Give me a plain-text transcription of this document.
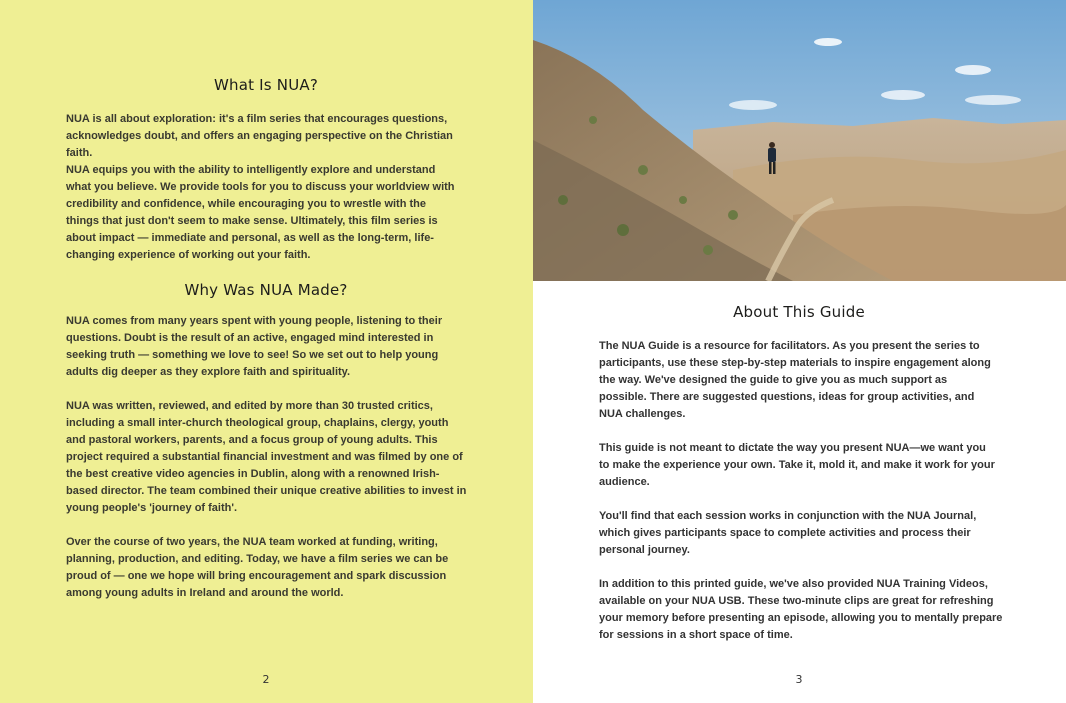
What Is NUA?

NUA is all about exploration: it's a film series that encourages questions, acknowledges doubt, and offers an engaging perspective on the Christian faith.

NUA equips you with the ability to intelligently explore and understand what you believe. We provide tools for you to discuss your worldview with credibility and confidence, while encouraging you to wrestle with the things that just don't seem to make sense. Ultimately, this film series is about impact — immediate and personal, as well as the long-term, life-changing experience of working out your faith.

Why Was NUA Made?

NUA comes from many years spent with young people, listening to their questions. Doubt is the result of an active, engaged mind interested in seeking truth — something we love to see! So we set out to help young adults dig deeper as they explore faith and spirituality.

NUA was written, reviewed, and edited by more than 30 trusted critics, including a small inter-church theological group, chaplains, clergy, youth and pastoral workers, parents, and a focus group of young adults. This project required a substantial financial investment and was filmed by one of the best creative video agencies in Dublin, along with a renowned Irish-based director. The team combined their unique creative abilities to invest in young people's 'journey of faith'.

Over the course of two years, the NUA team worked at funding, writing, planning, production, and editing. Today, we have a film series we can be proud of — one we hope will bring encouragement and spark discussion among young adults in Ireland and around the world.

2
About This Guide

The NUA Guide is a resource for facilitators. As you present the series to participants, use these step-by-step materials to inspire engagement along the way. We've designed the guide to give you as much support as possible. There are suggested questions, ideas for group activities, and NUA challenges.

This guide is not meant to dictate the way you present NUA—we want you to make the experience your own. Take it, mold it, and make it work for your audience.

You'll find that each session works in conjunction with the NUA Journal, which gives participants space to complete activities and process their personal journey.

In addition to this printed guide, we've also provided NUA Training Videos, available on your NUA USB. These two-minute clips are great for refreshing your memory before presenting an episode, allowing you to mentally prepare for sessions in a short space of time.

3
